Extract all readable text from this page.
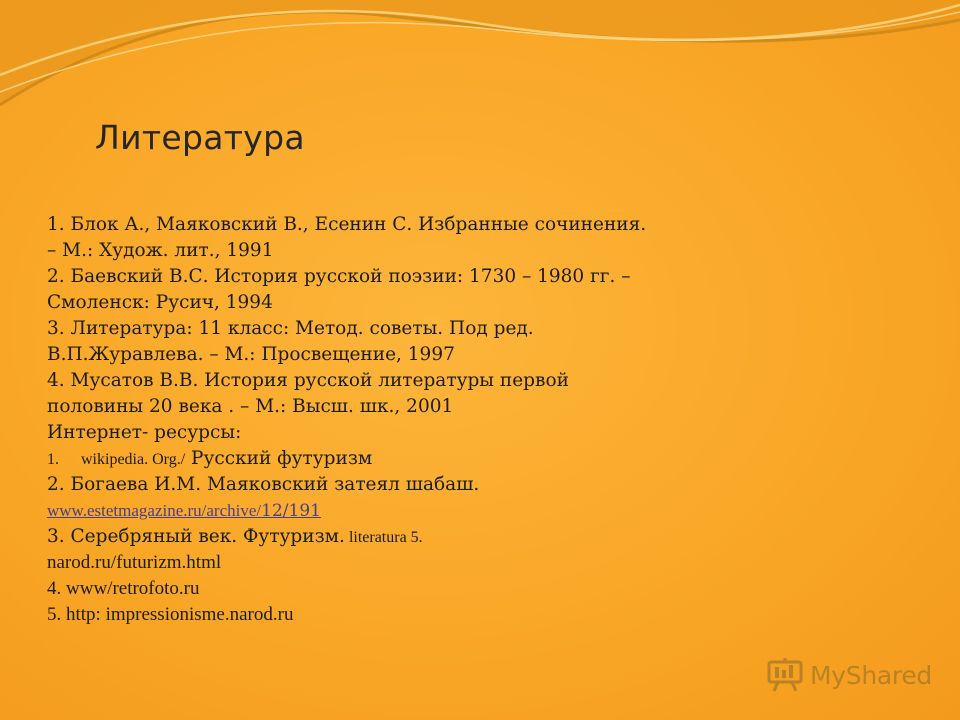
Литература
1. Блок А., Маяковский В., Есенин С. Избранные сочинения.
– М.: Худож. лит., 1991
2. Баевский В.С. История русской поэзии: 1730 – 1980 гг. –
Смоленск: Русич, 1994
3. Литература: 11 класс: Метод. советы. Под ред.
В.П.Журавлева. – М.: Просвещение, 1997
4. Мусатов В.В. История русской литературы первой
половины 20 века . – М.: Высш. шк., 2001
Интернет- ресурсы:
1. wikipedia. Org./ Русский футуризм
2. Богаева И.М. Маяковский затеял шабаш.
www.estetmagazine.ru/archive/12/191
3. Серебряный век. Футуризм. literatura 5.
narod.ru/futurizm.html
4. www/retrofoto.ru
5. http: impressionisme.narod.ru
MyShared
